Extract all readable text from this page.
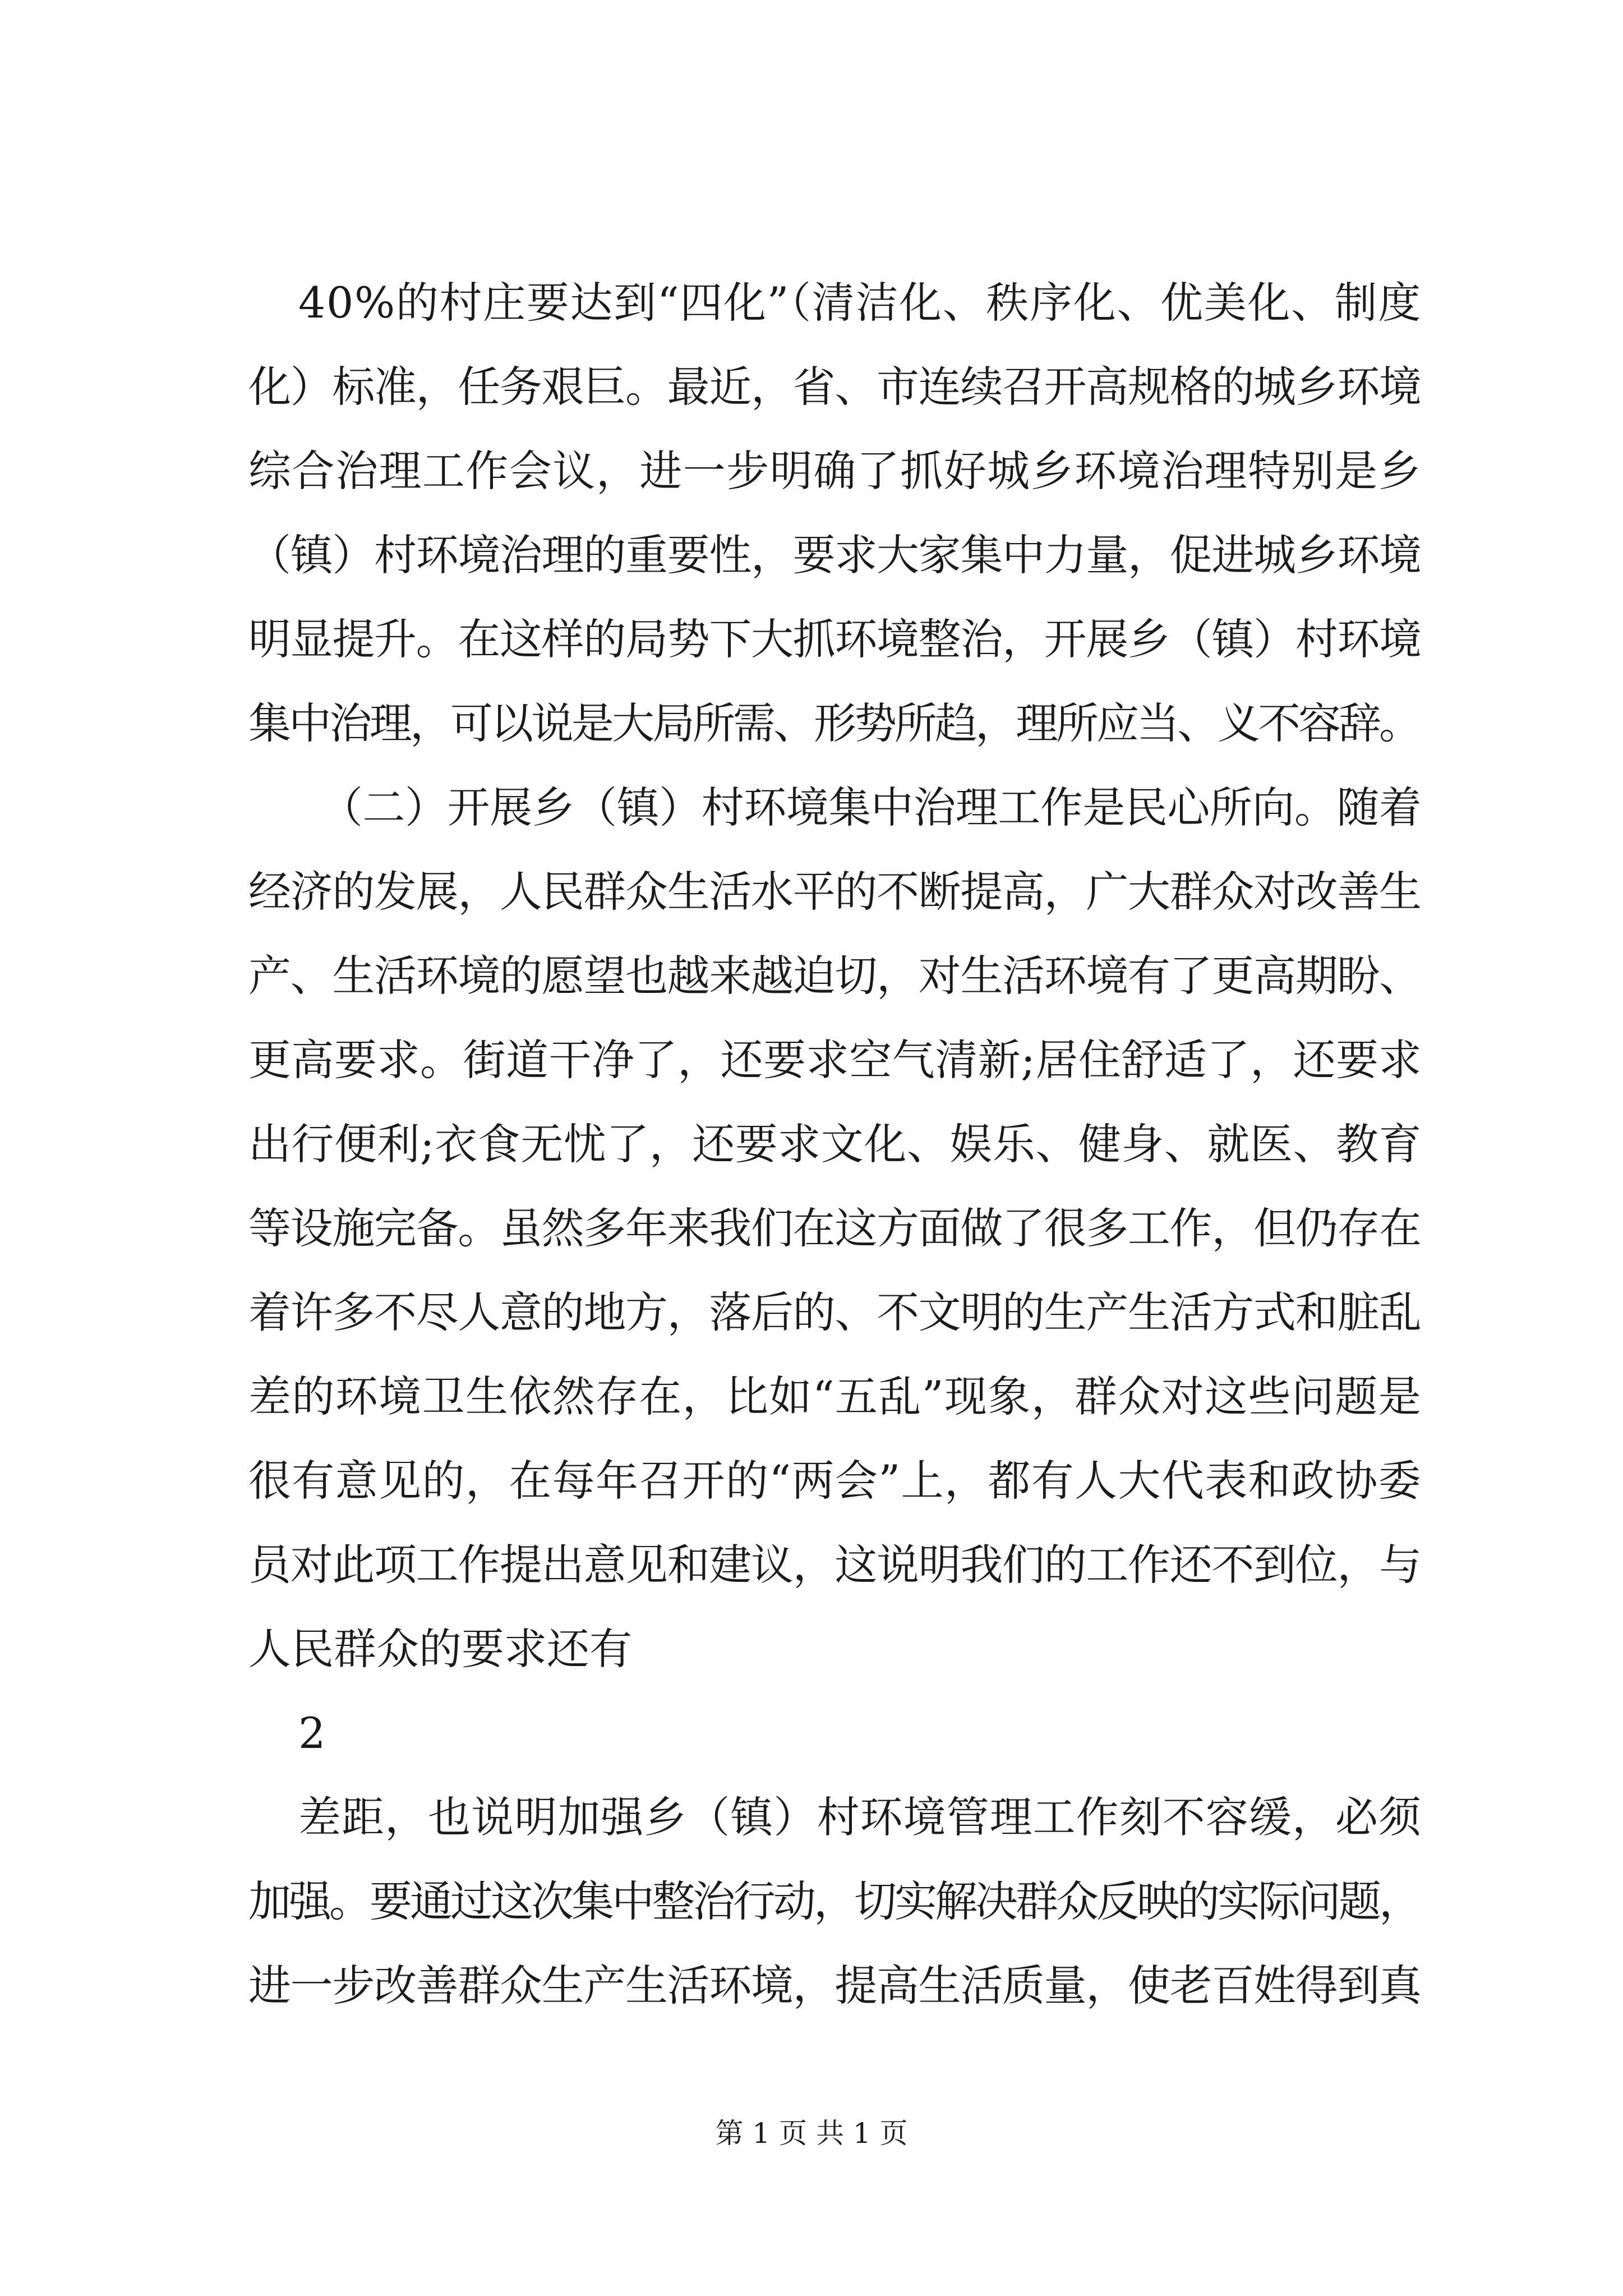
40%的村庄要达到“四化”（清洁化、秩序化、优美化、制度
化）标准，任务艰巨。最近，省、市连续召开高规格的城乡环境
综合治理工作会议，进一步明确了抓好城乡环境治理特别是乡
（镇）村环境治理的重要性，要求大家集中力量，促进城乡环境
明显提升。在这样的局势下大抓环境整治，开展乡（镇）村环境
集中治理，可以说是大局所需、形势所趋，理所应当、义不容辞。
（二）开展乡（镇）村环境集中治理工作是民心所向。随着
经济的发展，人民群众生活水平的不断提高，广大群众对改善生
产、生活环境的愿望也越来越迫切，对生活环境有了更高期盼、
更高要求。街道干净了，还要求空气清新;居住舒适了，还要求
出行便利;衣食无忧了，还要求文化、娱乐、健身、就医、教育
等设施完备。虽然多年来我们在这方面做了很多工作，但仍存在
着许多不尽人意的地方，落后的、不文明的生产生活方式和脏乱
差的环境卫生依然存在，比如“五乱”现象，群众对这些问题是
很有意见的，在每年召开的“两会”上，都有人大代表和政协委
员对此项工作提出意见和建议，这说明我们的工作还不到位，与
人民群众的要求还有
2
差距，也说明加强乡（镇）村环境管理工作刻不容缓，必须
加强。要通过这次集中整治行动，切实解决群众反映的实际问题，
进一步改善群众生产生活环境，提高生活质量，使老百姓得到真
第 1 页 共 1 页
